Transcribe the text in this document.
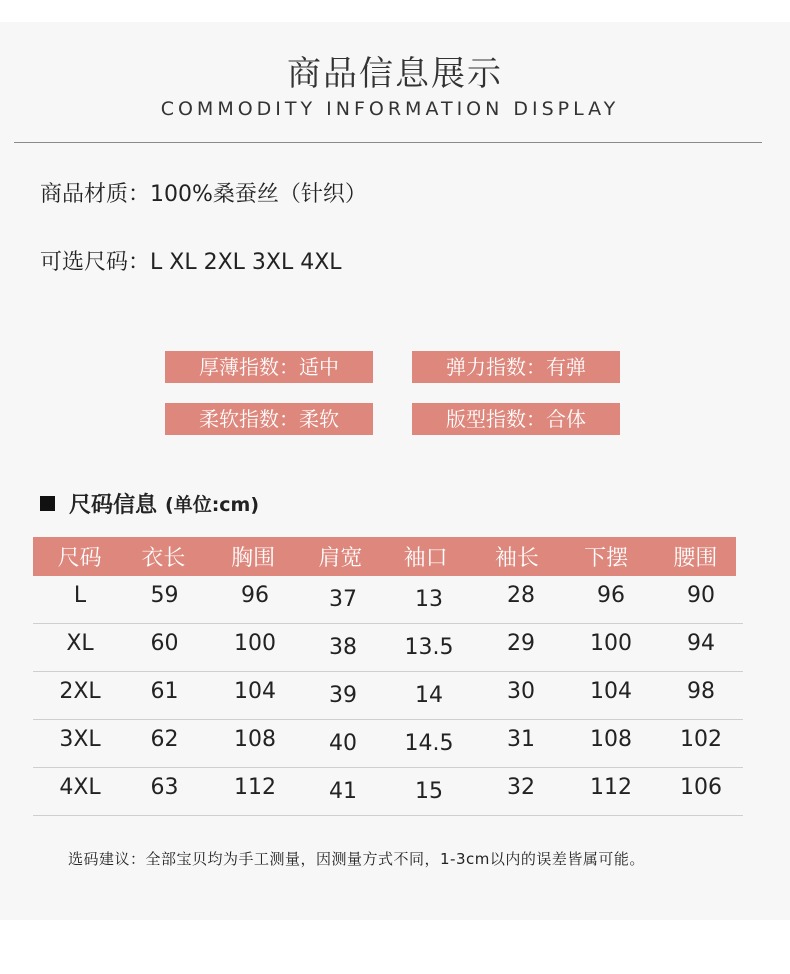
商品信息展示
COMMODITY INFORMATION DISPLAY
商品材质：100%桑蚕丝（针织）
可选尺码：L XL 2XL 3XL 4XL
厚薄指数：适中	弹力指数：有弹
柔软指数：柔软	版型指数：合体
尺码信息 (单位:cm)
尺码	衣长	胸围	肩宽	袖口	袖长	下摆	腰围
L	59	96	37	13	28	96	90
XL	60	100	38	13.5	29	100	94
2XL	61	104	39	14	30	104	98
3XL	62	108	40	14.5	31	108	102
4XL	63	112	41	15	32	112	106
选码建议：全部宝贝均为手工测量，因测量方式不同，1-3cm以内的误差皆属可能。
